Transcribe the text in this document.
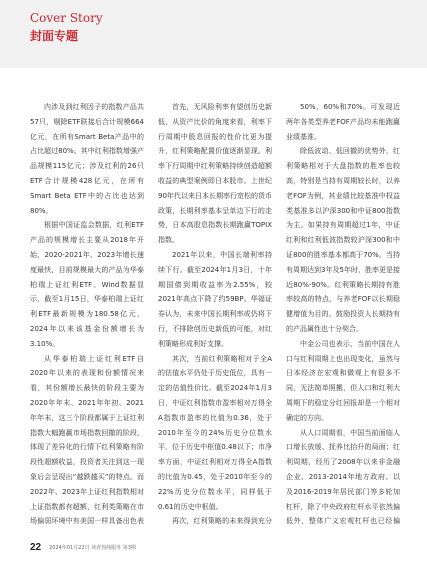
Cover Story
封面专题

内涉及到红利因子的指数产品共57只，剔除ETF联接后合计规模664亿元，在所有Smart Beta产品中的占比超过80%。其中红利指数增强产品规模115亿元；涉及红利的26只ETF合计规模428亿元，在所有Smart Beta ETF中的占比也达到80%。

根据中国证监会数据，红利ETF产品的规模增长主要从2018年开始，2020-2021年、2023年增长速度最快，目前规模最大的产品为华泰柏瑞上证红利ETF。Wind数据显示，截至1月15日，华泰柏瑞上证红利ETF最新规模为180.58亿元，2024年以来该基金份额增长为3.10%。

从华泰柏瑞上证红利ETF自2020年以来的表现和份额情况来看，其份额增长最快的阶段主要为2020年年末、2021年年初、2021年年末，这三个阶段都属于上证红利指数大幅跑赢市场指数回撤的阶段，体现了差异化的行情下红利策略有阶段性超额收益，投资者关注到这一现象后会呈现出“越跌越买”的特点。而2022年、2023年上证红利指数相对上证指数都有超额，红利类策略在市场偏弱环境中有美国一样具备出色表

首先，无风险利率有望创历史新低，从资产比价的角度来看，利率下行周期中股息回报的性价比更为提升，红利策略配置价值逐渐显现。利率下行周期中红利策略持续创造超额收益的典型案例即日本股市。上世纪90年代以来日本长期率行宽松的货币政策，长期利率基本呈单边下行的走势，日本高股息指数长期跑赢TOPIX指数。

2021年以来，中国长端利率持续下行。截至2024年1月3日，十年期国债到期收益率为2.55%，较2021年高点下降了约59BP。华福证券认为，未来中国长期利率或仍将下行，不排除创历史新低的可能，对红利策略形成利好支撑。

其次，当前红利策略相对于全A的估值水平仍处于历史低位，具有一定的估值性价比。截至2024年1月3日，中证红利指数市盈率相对万得全A指数市盈率的比值为0.36，处于2010年至今的24%历史分位数水平，位于历史中枢值0.48以下；市净率方面，中证红利相对万得全A指数的比值为0.45，处于2010年至今的22%历史分位数水平，同样低于0.61的历史中枢值。

再次，红利策略的未来得到充分

50%、60%和70%。可发现近两年各类型养老FOF产品均未能跑赢业绩基准。

除低波动、低回撤的优势外，红利策略相对于大盘指数的胜率也较高，特别是当持有周期较长时，以养老FOF为例，其业绩比较基准中权益类基准多以沪深300和中证800指数为主。如果持有周期超过1年，中证红利和红利低波指数较沪深300和中证800的胜率基本都高于70%。当持有周期达到3年及5年时，胜率更是接近80%-90%。红利策略长期持有胜率较高的特点，与养老FOF以长期稳健增值为目的、鼓励投资人长期持有的产品属性也十分契合。

中金公司也表示，当前中国在人口与红利周期上也出现变化，虽然与日本经济在宏观和微观上有很多不同，无法简单照搬，但人口和红利大周期下的稳定分红回报却是一个相对确定的方向。

从人口周期看，中国当前面临人口增长放缓、抚养比抬升的局面；红利周期，经历了2008年以来非金融企业、2013-2014年地方政府、以及2016-2019年居民部门等多轮加杠杆，除了中央政府杠杆水平依然偏低外，整体广义宏观杠杆也已经偏

22 2024年01月22日 读者热线服务 第3期
